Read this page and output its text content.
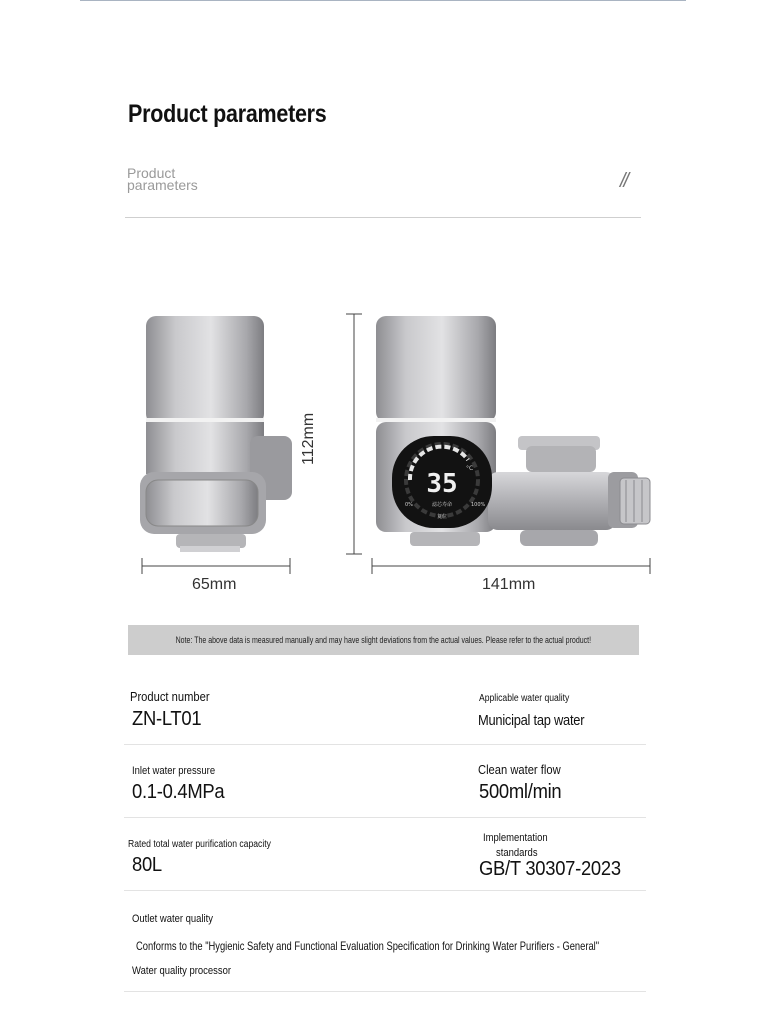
Product parameters
Product
parameters	//
35
°C
0%	滤芯寿命	100%
复位
112mm
65mm	141mm
Note: The above data is measured manually and may have slight deviations from the actual values. Please refer to the actual product!
Product number
ZN-LT01
Applicable water quality
Municipal tap water
Inlet water pressure
0.1-0.4MPa
Clean water flow
500ml/min
Rated total water purification capacity
80L
Implementation
standards
GB/T 30307-2023
Outlet water quality
Conforms to the "Hygienic Safety and Functional Evaluation Specification for Drinking Water Purifiers - General"
Water quality processor
